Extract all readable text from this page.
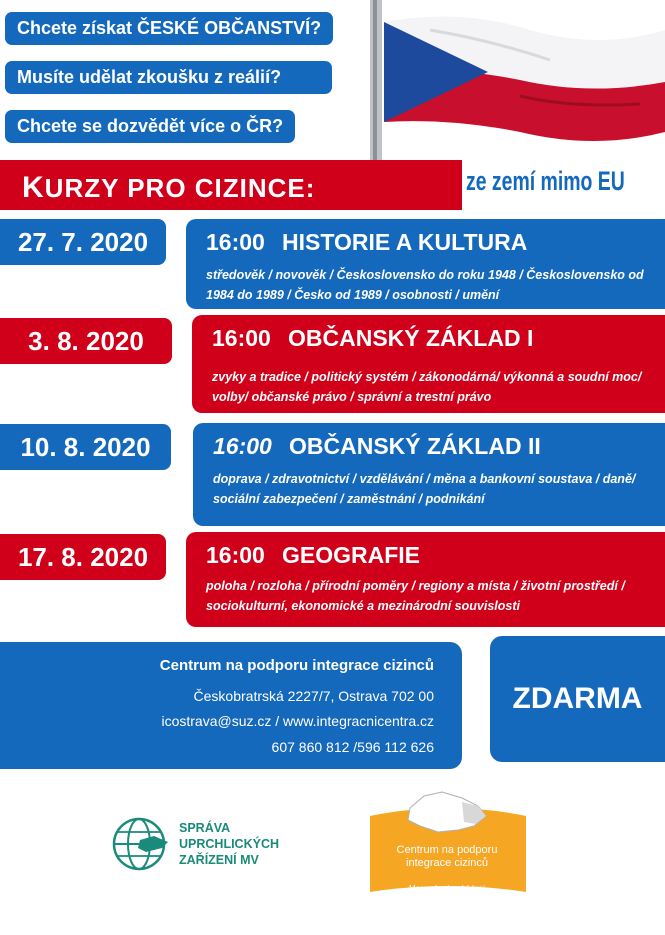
Chcete získat ČESKÉ OBČANSTVÍ?
Musíte udělat zkoušku z reálií?
Chcete se dozvědět více o ČR?
KURZY PRO CIZINCE:	ze zemí mimo EU
27. 7. 2020	16:00 HISTORIE A KULTURA
středověk / novověk / Československo do roku 1948 / Československo od 1984 do 1989 / Česko od 1989 / osobnosti / umění
3. 8. 2020	16:00 OBČANSKÝ ZÁKLAD I
zvyky a tradice / politický systém / zákonodárná/ výkonná a soudní moc/ volby/ občanské právo / správní a trestní právo
10. 8. 2020	16:00 OBČANSKÝ ZÁKLAD II
doprava / zdravotnictví / vzdělávání / měna a bankovní soustava / daně/ sociální zabezpečení / zaměstnání / podnikání
17. 8. 2020	16:00 GEOGRAFIE
poloha / rozloha / přírodní poměry / regiony a místa / životní prostředí / sociokulturní, ekonomické a mezinárodní souvislosti
Centrum na podporu integrace cizinců
Českobratrská 2227/7, Ostrava 702 00
icostrava@suz.cz / www.integracnicentra.cz
607 860 812 /596 112 626
ZDARMA
SPRÁVA
UPRCHLICKÝCH
ZAŘÍZENÍ MV
Centrum na podporu
integrace cizinců
Moravskoslezský kraj
